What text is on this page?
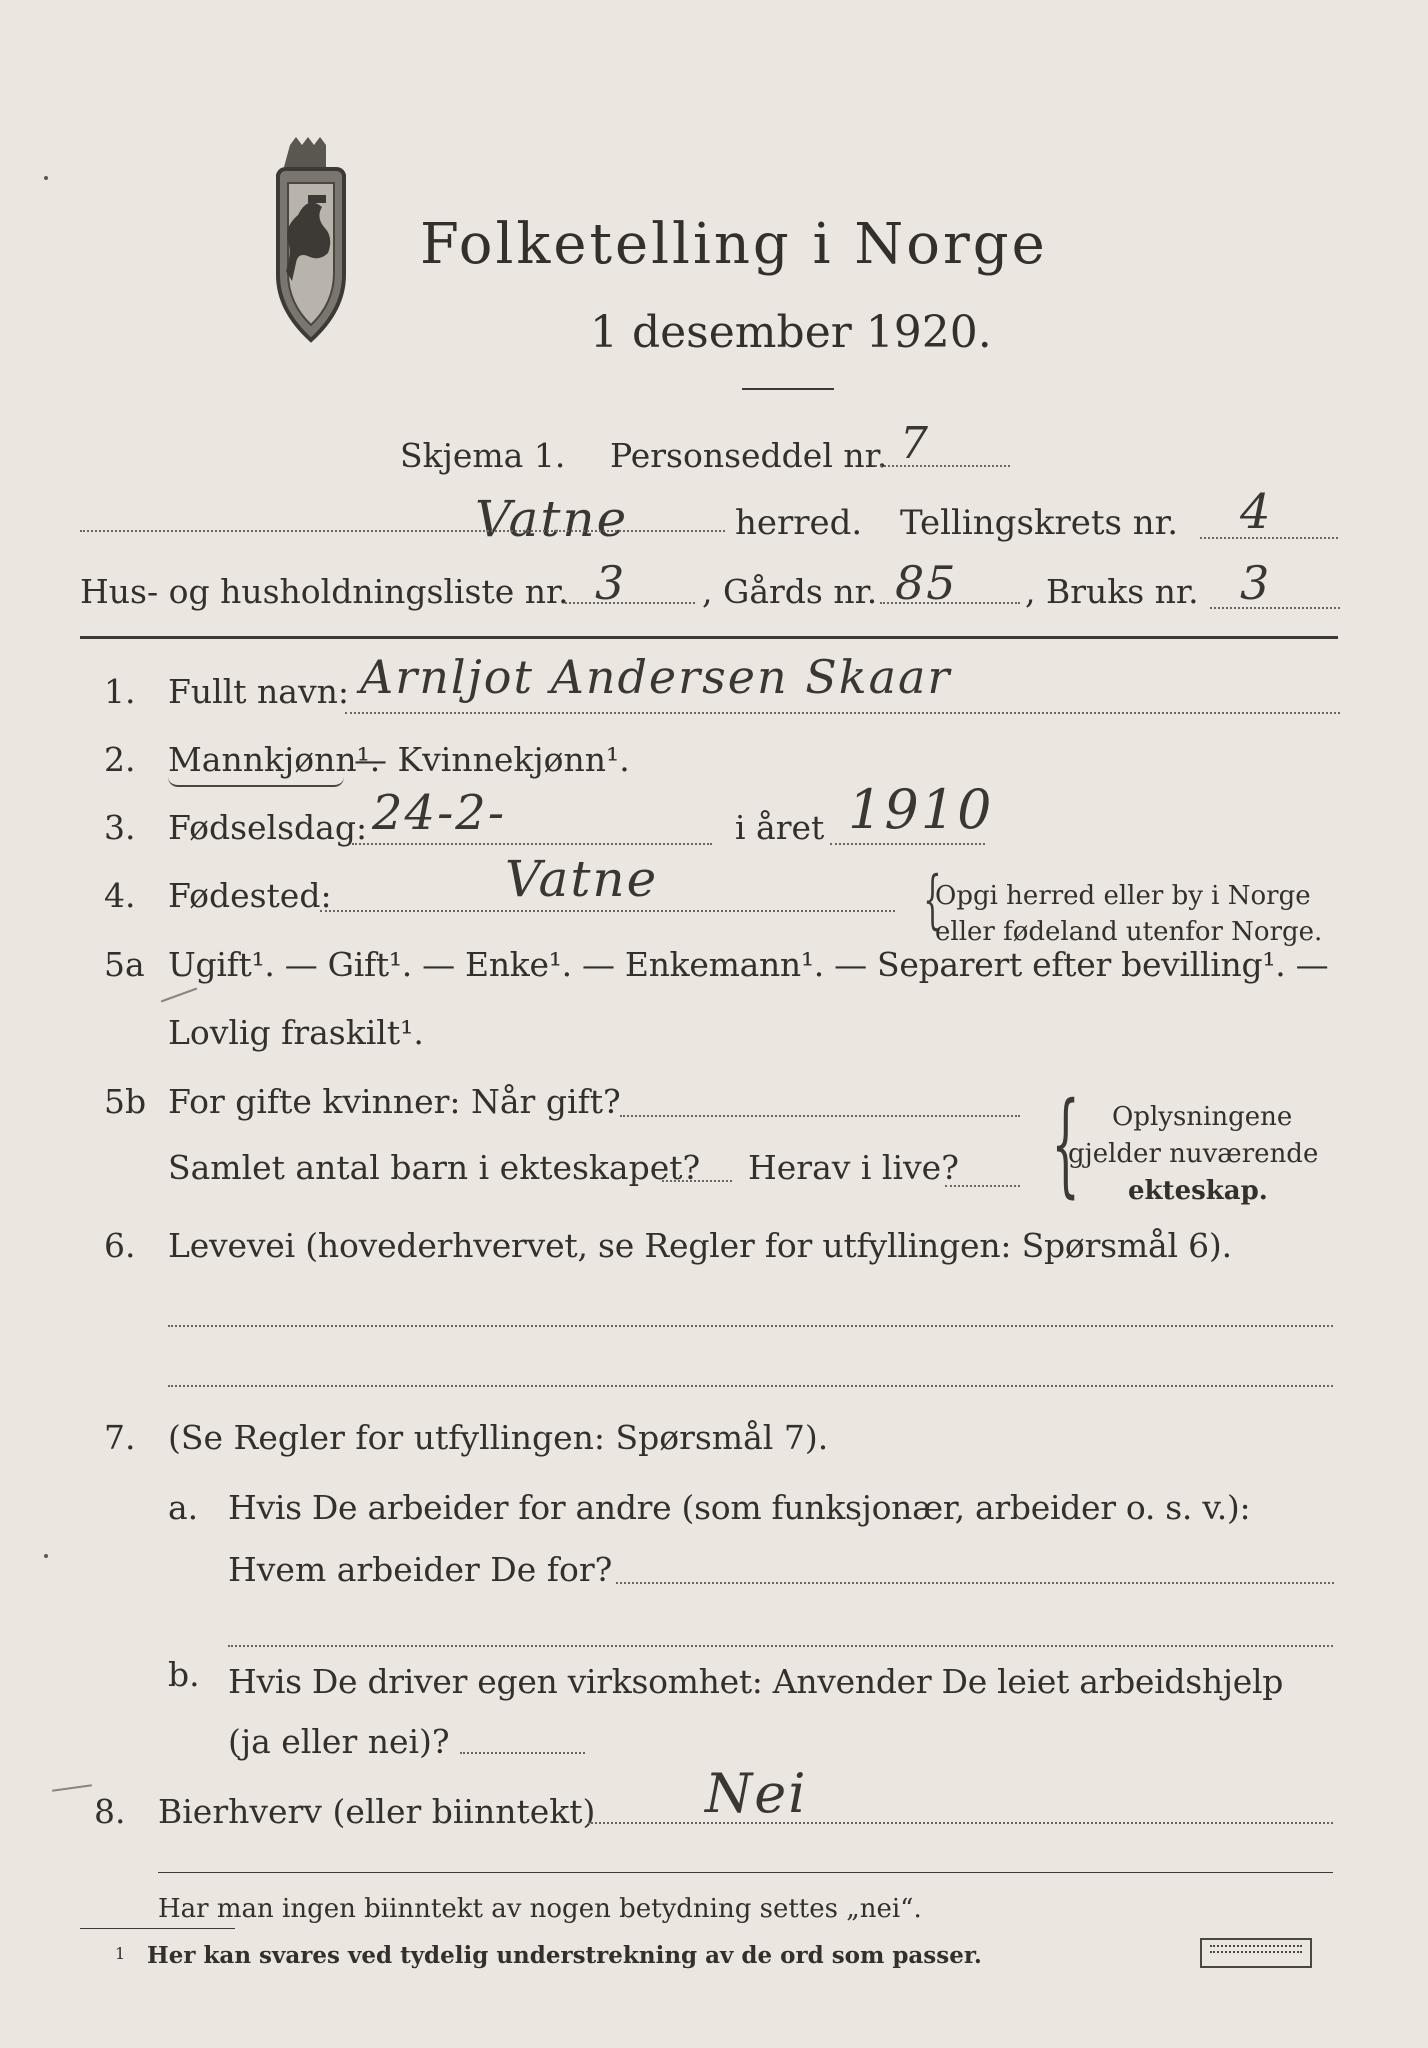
Folketelling i Norge
1 desember 1920.
Skjema 1. Personseddel nr. 7
Vatne	herred. Tellingskrets nr. 4
Hus- og husholdningsliste nr. 3 , Gårds nr. 85 , Bruks nr. 3
1. Fullt navn: Arnljot Andersen Skaar
2. Mannkjønn¹.
— Kvinnekjønn¹.
3. Fødselsdag: 24-2-	i året 1910
4. Fødested:	Vatne	{
Opgi herred eller by i Norge
eller fødeland utenfor Norge.
5a Ugift¹. — Gift¹. — Enke¹. — Enkemann¹. — Separert efter bevilling¹. —
Lovlig fraskilt¹.
5b For gifte kvinner: Når gift?
Samlet antal barn i ekteskapet? Herav i live? { Oplysningene
gjelder nuværende
ekteskap.
6. Levevei (hovederhvervet, se Regler for utfyllingen: Spørsmål 6).
7. (Se Regler for utfyllingen: Spørsmål 7).
a. Hvis De arbeider for andre (som funksjonær, arbeider o. s. v.):
Hvem arbeider De for?
b. Hvis De driver egen virksomhet: Anvender De leiet arbeidshjelp
(ja eller nei)?
8. Bierhverv (eller biinntekt) Nei
Har man ingen biinntekt av nogen betydning settes „nei“.
1 Her kan svares ved tydelig understrekning av de ord som passer.
